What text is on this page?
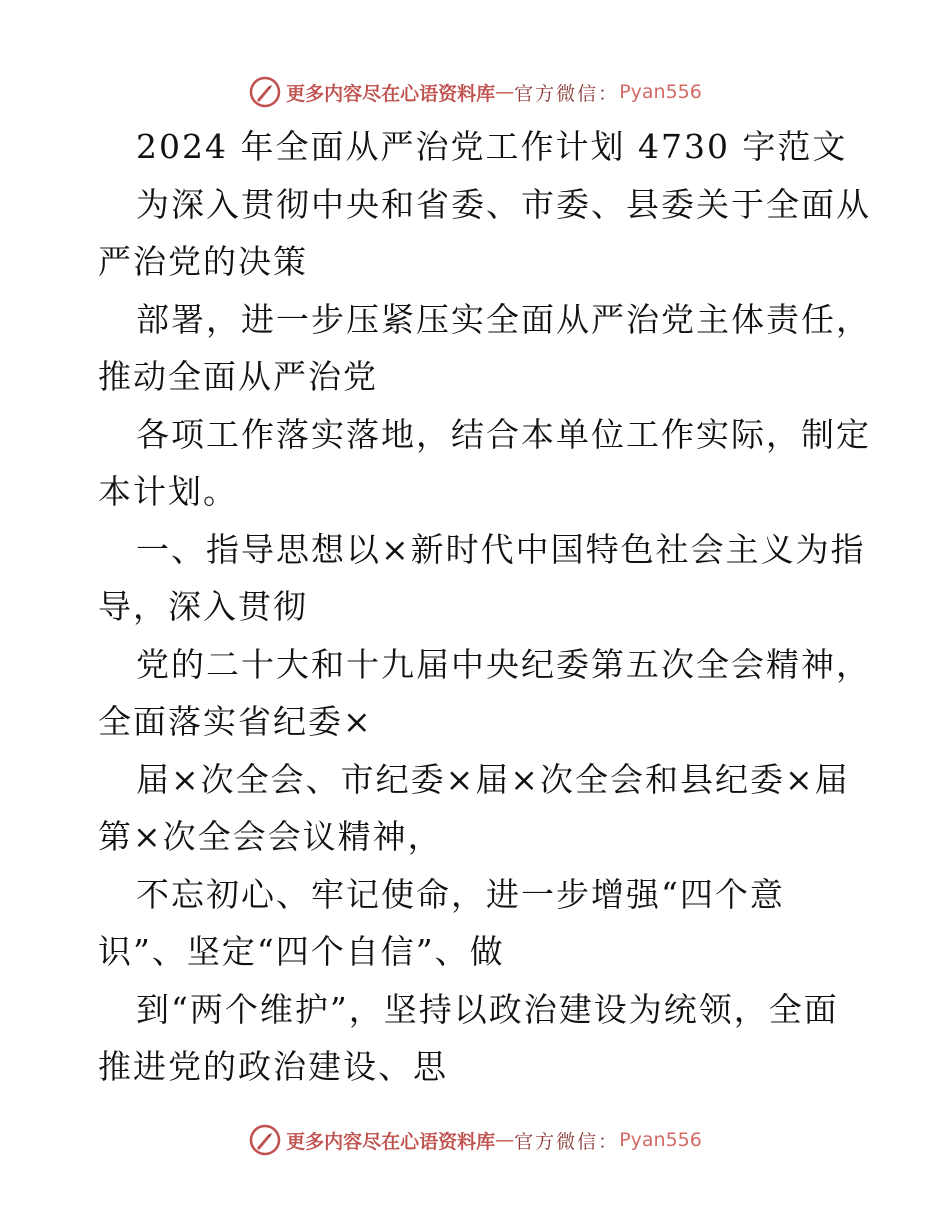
更多内容尽在心语资料库 — 官方微信： Pyan556
2024 年全面从严治党工作计划 4730 字范文
为深入贯彻中央和省委、市委、县委关于全面从
严治党的决策
部署，进一步压紧压实全面从严治党主体责任，
推动全面从严治党
各项工作落实落地，结合本单位工作实际，制定
本计划。
一、指导思想以×新时代中国特色社会主义为指
导，深入贯彻
党的二十大和十九届中央纪委第五次全会精神，
全面落实省纪委×
届×次全会、市纪委×届×次全会和县纪委×届
第×次全会会议精神，
不忘初心、牢记使命，进一步增强“四个意
识”、坚定“四个自信”、做
到“两个维护”，坚持以政治建设为统领，全面
推进党的政治建设、思
更多内容尽在心语资料库 — 官方微信： Pyan556
